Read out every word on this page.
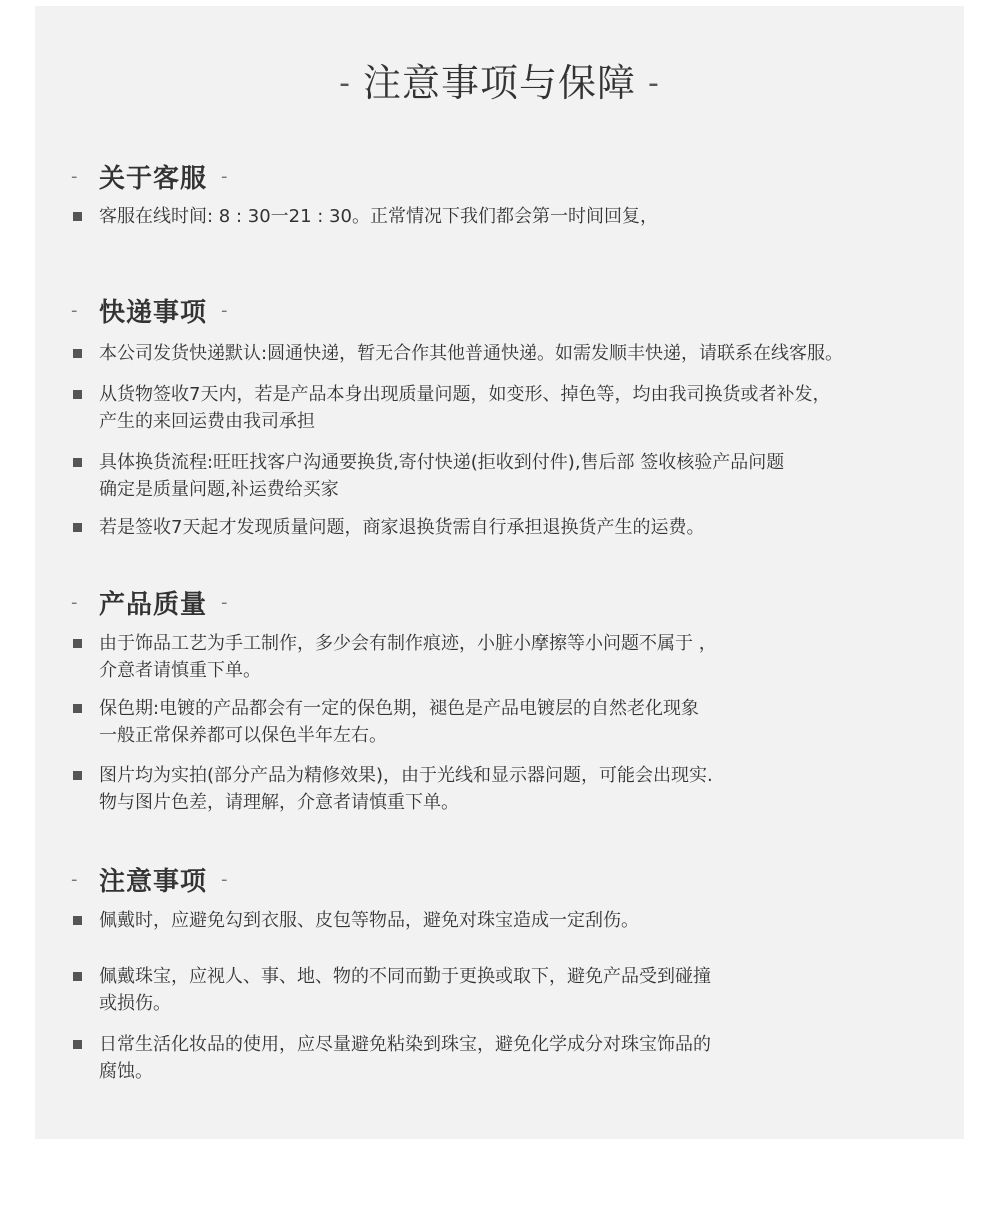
- 注意事项与保障 -
- 关于客服 -
客服在线时间: 8 : 30一21 : 30。正常情况下我们都会第一时间回复，
- 快递事项 -
本公司发货快递默认:圆通快递，暂无合作其他普通快递。如需发顺丰快递，请联系在线客服。
从货物签收7天内，若是产品本身出现质量问题，如变形、掉色等，均由我司换货或者补发，
产生的来回运费由我司承担
具体换货流程:旺旺找客户沟通要换货,寄付快递(拒收到付件),售后部 签收核验产品问题
确定是质量问题,补运费给买家
若是签收7天起才发现质量问题，商家退换货需自行承担退换货产生的运费。
- 产品质量 -
由于饰品工艺为手工制作，多少会有制作痕迹，小脏小摩擦等小问题不属于 ，
介意者请慎重下单。
保色期:电镀的产品都会有一定的保色期，褪色是产品电镀层的自然老化现象
一般正常保养都可以保色半年左右。
图片均为实拍(部分产品为精修效果)，由于光线和显示器问题，可能会出现实.
物与图片色差，请理解，介意者请慎重下单。
- 注意事项 -
佩戴时，应避免勾到衣服、皮包等物品，避免对珠宝造成一定刮伤。
佩戴珠宝，应视人、事、地、物的不同而勤于更换或取下，避免产品受到碰撞
或损伤。
日常生活化妆品的使用，应尽量避免粘染到珠宝，避免化学成分对珠宝饰品的
腐蚀。
